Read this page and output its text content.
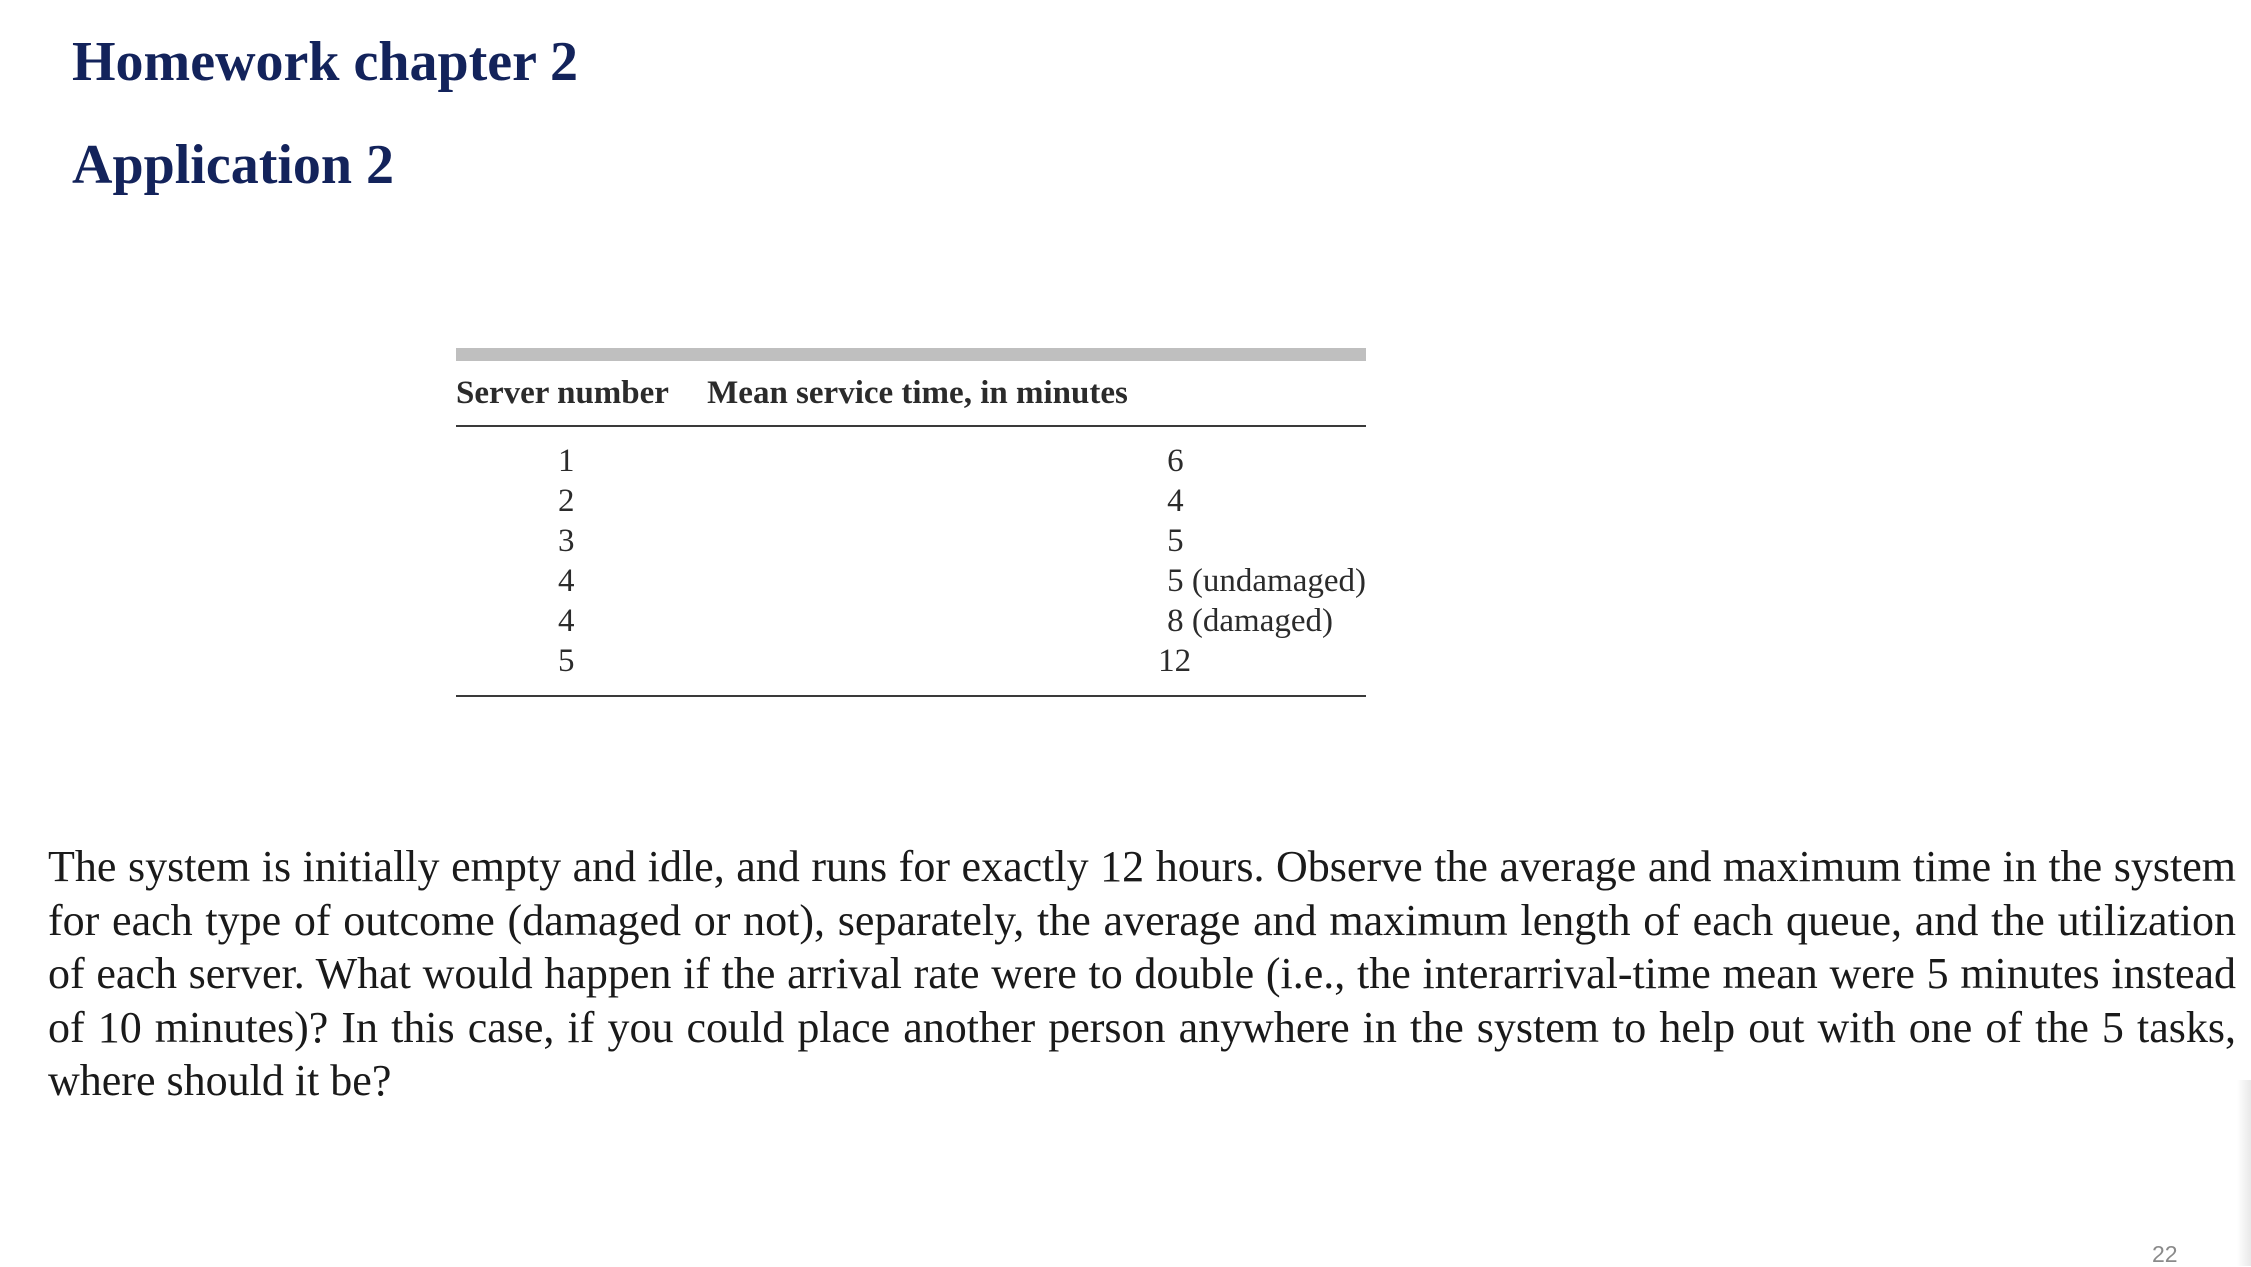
Homework chapter 2
Application 2
Server number	Mean service time, in minutes
1	6
2	4
3	5
4	5 (undamaged)
4	8 (damaged)
5	12

The system is initially empty and idle, and runs for exactly 12 hours. Observe the average and maximum time in the system for each type of outcome (damaged or not), separately, the average and maximum length of each queue, and the utilization of each server. What would happen if the arrival rate were to double (i.e., the interarrival-time mean were 5 minutes instead of 10 minutes)? In this case, if you could place another person anywhere in the system to help out with one of the 5 tasks, where should it be?

22
